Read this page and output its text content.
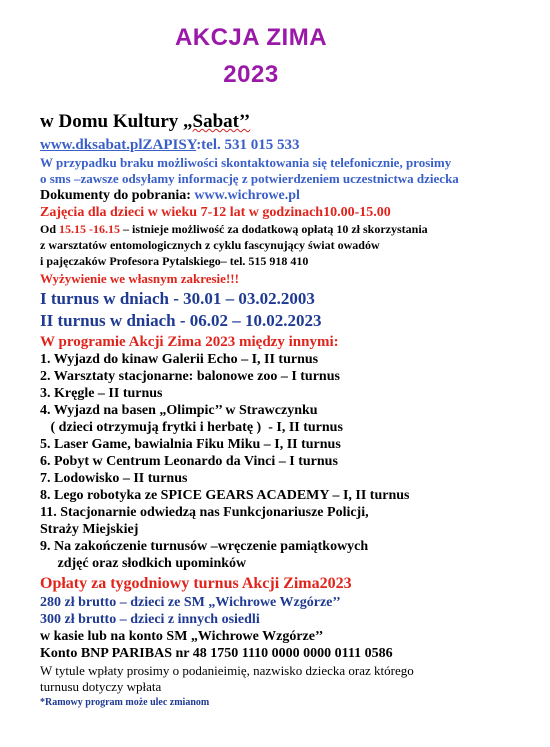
AKCJA ZIMA
2023
w Domu Kultury „Sabat’’
www.dksabat.plZAPISY:tel. 531 015 533
W przypadku braku możliwości skontaktowania się telefonicznie, prosimy
o sms –zawsze odsyłamy informację z potwierdzeniem uczestnictwa dziecka
Dokumenty do pobrania: www.wichrowe.pl
Zajęcia dla dzieci w wieku 7-12 lat w godzinach10.00-15.00
Od 15.15 -16.15 – istnieje możliwość za dodatkową opłatą 10 zł skorzystania
z warsztatów entomologicznych z cyklu fascynujący świat owadów
i pajęczaków Profesora Pytalskiego– tel. 515 918 410
Wyżywienie we własnym zakresie!!!
I turnus w dniach - 30.01 – 03.02.2003
II turnus w dniach - 06.02 – 10.02.2023
W programie Akcji Zima 2023 między innymi:
1. Wyjazd do kinaw Galerii Echo – I, II turnus
2. Warsztaty stacjonarne: balonowe zoo – I turnus
3. Kręgle – II turnus
4. Wyjazd na basen „Olimpic’’ w Strawczynku
( dzieci otrzymują frytki i herbatę )  - I, II turnus
5. Laser Game, bawialnia Fiku Miku – I, II turnus
6. Pobyt w Centrum Leonardo da Vinci – I turnus
7. Lodowisko – II turnus
8. Lego robotyka ze SPICE GEARS ACADEMY – I, II turnus
11. Stacjonarnie odwiedzą nas Funkcjonariusze Policji,
Straży Miejskiej
9. Na zakończenie turnusów –wręczenie pamiątkowych
zdjęć oraz słodkich upominków
Opłaty za tygodniowy turnus Akcji Zima2023
280 zł brutto – dzieci ze SM „Wichrowe Wzgórze’’
300 zł brutto – dzieci z innych osiedli
w kasie lub na konto SM „Wichrowe Wzgórze’’
Konto BNP PARIBAS nr 48 1750 1110 0000 0000 0111 0586
W tytule wpłaty prosimy o podanieimię, nazwisko dziecka oraz którego
turnusu dotyczy wpłata
*Ramowy program może ulec zmianom
